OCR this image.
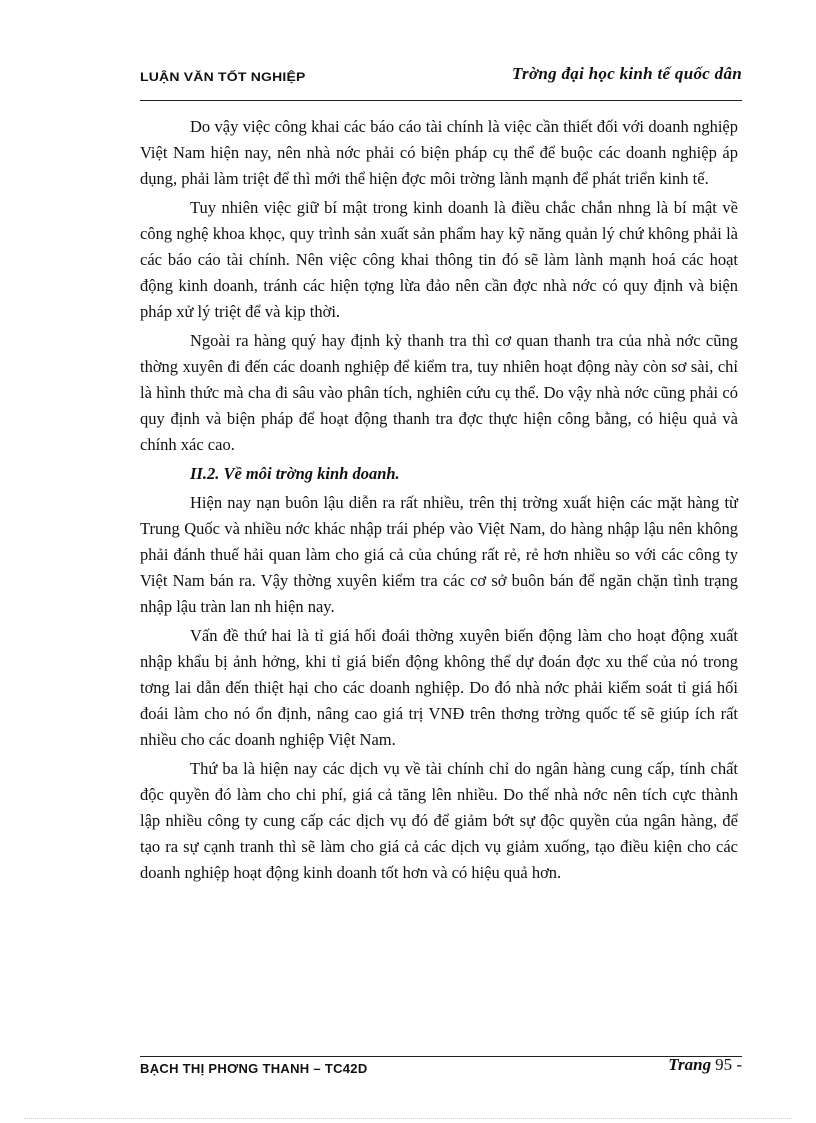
LUẬN VĂN TỐT NGHIỆP	Trờng đại học kinh tế quốc dân

Do vậy việc công khai các báo cáo tài chính là việc cần thiết đối với doanh nghiệp Việt Nam hiện nay, nên nhà nớc phải có biện pháp cụ thể để buộc các doanh nghiệp áp dụng, phải làm triệt để thì mới thể hiện đợc môi trờng lành mạnh để phát triển kinh tế.

Tuy nhiên việc giữ bí mật trong kinh doanh là điều chắc chắn nhng là bí mật về công nghệ khoa khọc, quy trình sản xuất sản phẩm hay kỹ năng quản lý chứ không phải là các báo cáo tài chính. Nên việc công khai thông tin đó sẽ làm lành mạnh hoá các hoạt động kinh doanh, tránh các hiện tợng lừa đảo nên cần đợc nhà nớc có quy định và biện pháp xử lý triệt để và kịp thời.

Ngoài ra hàng quý hay định kỳ thanh tra thì cơ quan thanh tra của nhà nớc cũng thờng xuyên đi đến các doanh nghiệp để kiểm tra, tuy nhiên hoạt động này còn sơ sài, chỉ là hình thức mà cha đi sâu vào phân tích, nghiên cứu cụ thể. Do vậy nhà nớc cũng phải có quy định và biện pháp để hoạt động thanh tra đợc thực hiện công bằng, có hiệu quả và chính xác cao.

II.2. Về môi trờng kinh doanh.

Hiện nay nạn buôn lậu diễn ra rất nhiều, trên thị trờng xuất hiện các mặt hàng từ Trung Quốc và nhiều nớc khác nhập trái phép vào Việt Nam, do hàng nhập lậu nên không phải đánh thuế hải quan làm cho giá cả của chúng rất rẻ, rẻ hơn nhiều so với các công ty Việt Nam bán ra. Vậy thờng xuyên kiểm tra các cơ sở buôn bán để ngăn chặn tình trạng nhập lậu tràn lan nh hiện nay.

Vấn đề thứ hai là tỉ giá hối đoái thờng xuyên biến động làm cho hoạt động xuất nhập khẩu bị ảnh hởng, khi tỉ giá biến động không thể dự đoán đợc xu thế của nó trong tơng lai dẫn đến thiệt hại cho các doanh nghiệp. Do đó nhà nớc phải kiểm soát tỉ giá hối đoái làm cho nó ổn định, nâng cao giá trị VNĐ trên thơng trờng quốc tế sẽ giúp ích rất nhiều cho các doanh nghiệp Việt Nam.

Thứ ba là hiện nay các dịch vụ về tài chính chỉ do ngân hàng cung cấp, tính chất độc quyền đó làm cho chi phí, giá cả tăng lên nhiều. Do thế nhà nớc nên tích cực thành lập nhiều công ty cung cấp các dịch vụ đó để giảm bớt sự độc quyền của ngân hàng, để tạo ra sự cạnh tranh thì sẽ làm cho giá cả các dịch vụ giảm xuống, tạo điều kiện cho các doanh nghiệp hoạt động kinh doanh tốt hơn và có hiệu quả hơn.

BẠCH THỊ PHƠNG THANH – TC42D	Trang 95 -
